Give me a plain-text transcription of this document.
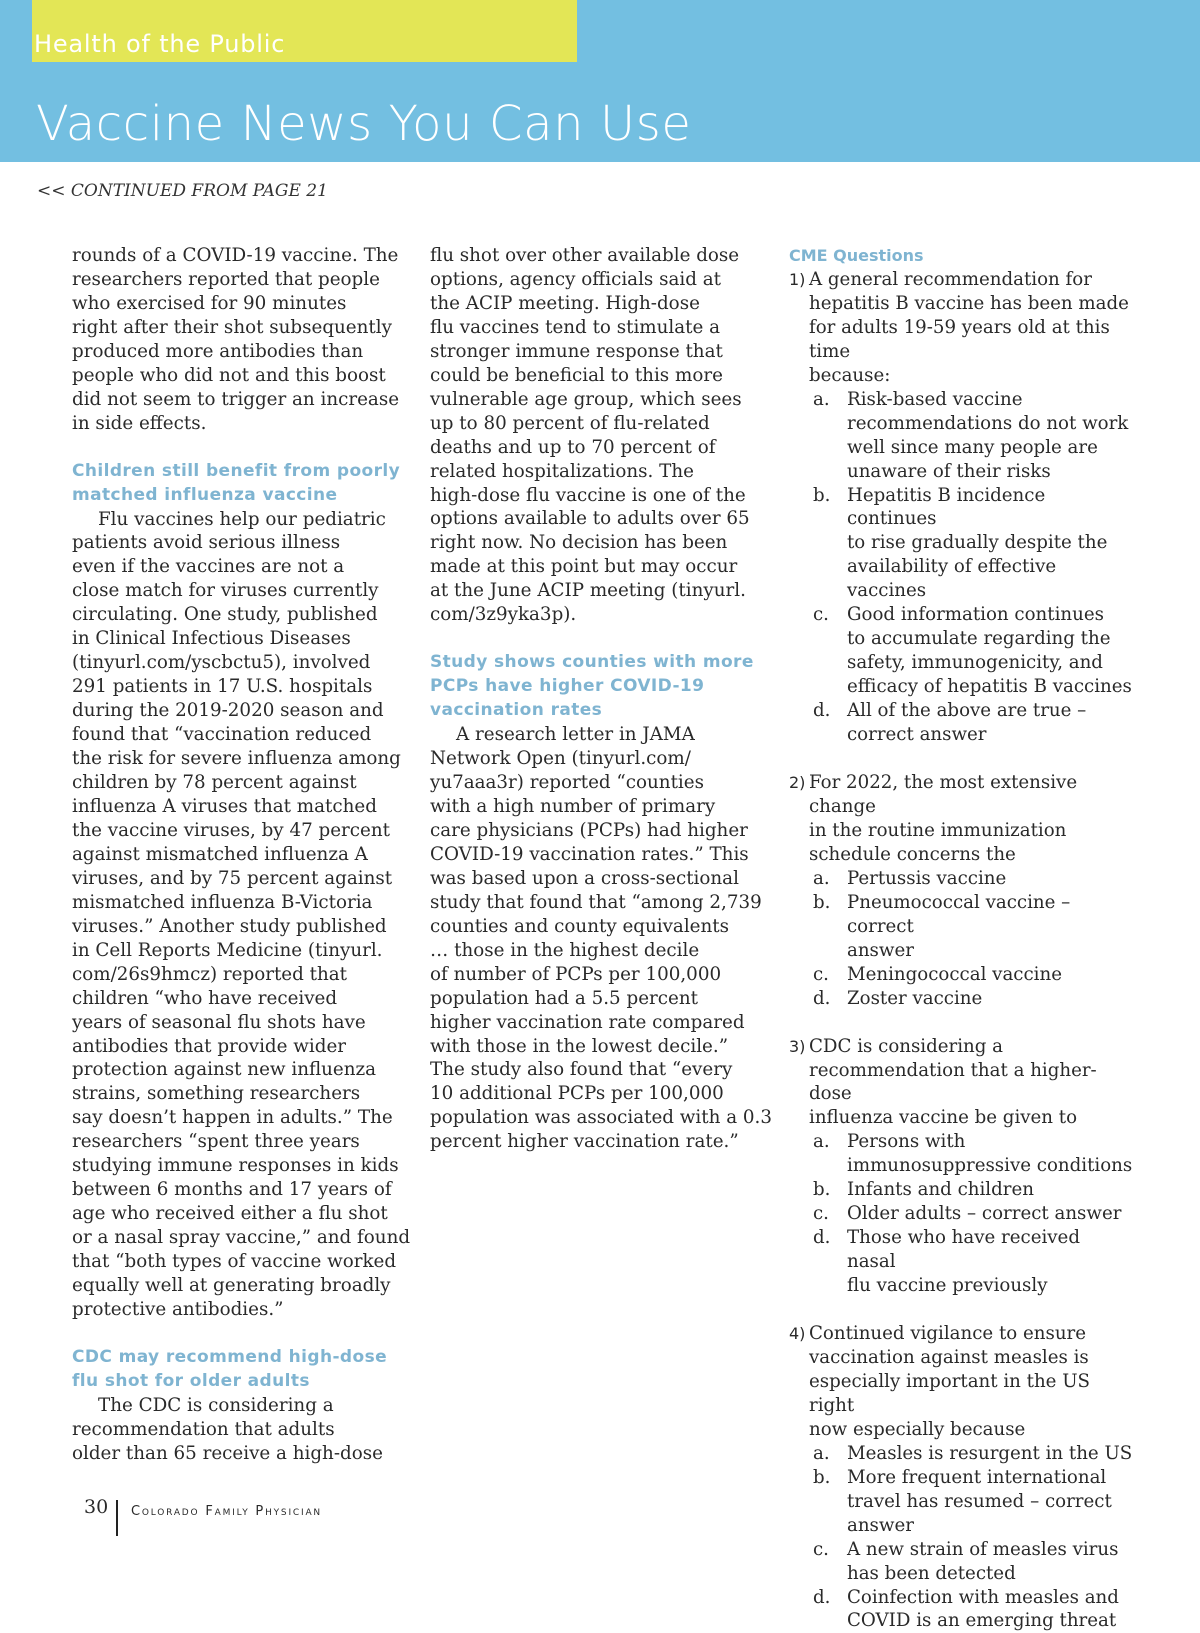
Health of the Public
Vaccine News You Can Use
<< CONTINUED FROM PAGE 21

rounds of a COVID-19 vaccine. The

researchers reported that people

who exercised for 90 minutes

right after their shot subsequently

produced more antibodies than

people who did not and this boost

did not seem to trigger an increase

in side effects.

Children still benefit from poorly

matched influenza vaccine

Flu vaccines help our pediatric

patients avoid serious illness

even if the vaccines are not a

close match for viruses currently

circulating. One study, published

in Clinical Infectious Diseases

(tinyurl.com/yscbctu5), involved

291 patients in 17 U.S. hospitals

during the 2019-2020 season and

found that “vaccination reduced

the risk for severe influenza among

children by 78 percent against

influenza A viruses that matched

the vaccine viruses, by 47 percent

against mismatched influenza A

viruses, and by 75 percent against

mismatched influenza B-Victoria

viruses.” Another study published

in Cell Reports Medicine (tinyurl.

com/26s9hmcz) reported that

children “who have received

years of seasonal flu shots have

antibodies that provide wider

protection against new influenza

strains, something researchers

say doesn’t happen in adults.” The

researchers “spent three years

studying immune responses in kids

between 6 months and 17 years of

age who received either a flu shot

or a nasal spray vaccine,” and found

that “both types of vaccine worked

equally well at generating broadly

protective antibodies.”

CDC may recommend high-dose

flu shot for older adults

The CDC is considering a

recommendation that adults

older than 65 receive a high-dose

flu shot over other available dose

options, agency officials said at

the ACIP meeting. High-dose

flu vaccines tend to stimulate a

stronger immune response that

could be beneficial to this more

vulnerable age group, which sees

up to 80 percent of flu-related

deaths and up to 70 percent of

related hospitalizations. The

high-dose flu vaccine is one of the

options available to adults over 65

right now. No decision has been

made at this point but may occur

at the June ACIP meeting (tinyurl.

com/3z9yka3p).

Study shows counties with more

PCPs have higher COVID-19

vaccination rates

A research letter in JAMA

Network Open (tinyurl.com/

yu7aaa3r) reported “counties

with a high number of primary

care physicians (PCPs) had higher

COVID-19 vaccination rates.” This

was based upon a cross-sectional

study that found that “among 2,739

counties and county equivalents

… those in the highest decile

of number of PCPs per 100,000

population had a 5.5 percent

higher vaccination rate compared

with those in the lowest decile.”

The study also found that “every

10 additional PCPs per 100,000

population was associated with a 0.3

percent higher vaccination rate.”

CME Questions
1) A general recommendation for

hepatitis B vaccine has been made

for adults 19-59 years old at this time

because:

a. Risk-based vaccine

recommendations do not work

well since many people are

unaware of their risks

b. Hepatitis B incidence continues

to rise gradually despite the

availability of effective vaccines

c. Good information continues

to accumulate regarding the

safety, immunogenicity, and

efficacy of hepatitis B vaccines

d. All of the above are true –

correct answer

2) For 2022, the most extensive change

in the routine immunization

schedule concerns the

a. Pertussis vaccine

b. Pneumococcal vaccine – correct

answer

c. Meningococcal vaccine

d. Zoster vaccine

3) CDC is considering a

recommendation that a higher-dose

influenza vaccine be given to

a. Persons with

immunosuppressive conditions

b. Infants and children

c. Older adults – correct answer

d. Those who have received nasal

flu vaccine previously

4) Continued vigilance to ensure

vaccination against measles is

especially important in the US right

now especially because

a. Measles is resurgent in the US

b. More frequent international

travel has resumed – correct

answer

c. A new strain of measles virus

has been detected

d. Coinfection with measles and

COVID is an emerging threat

30 Colorado Family Physician
